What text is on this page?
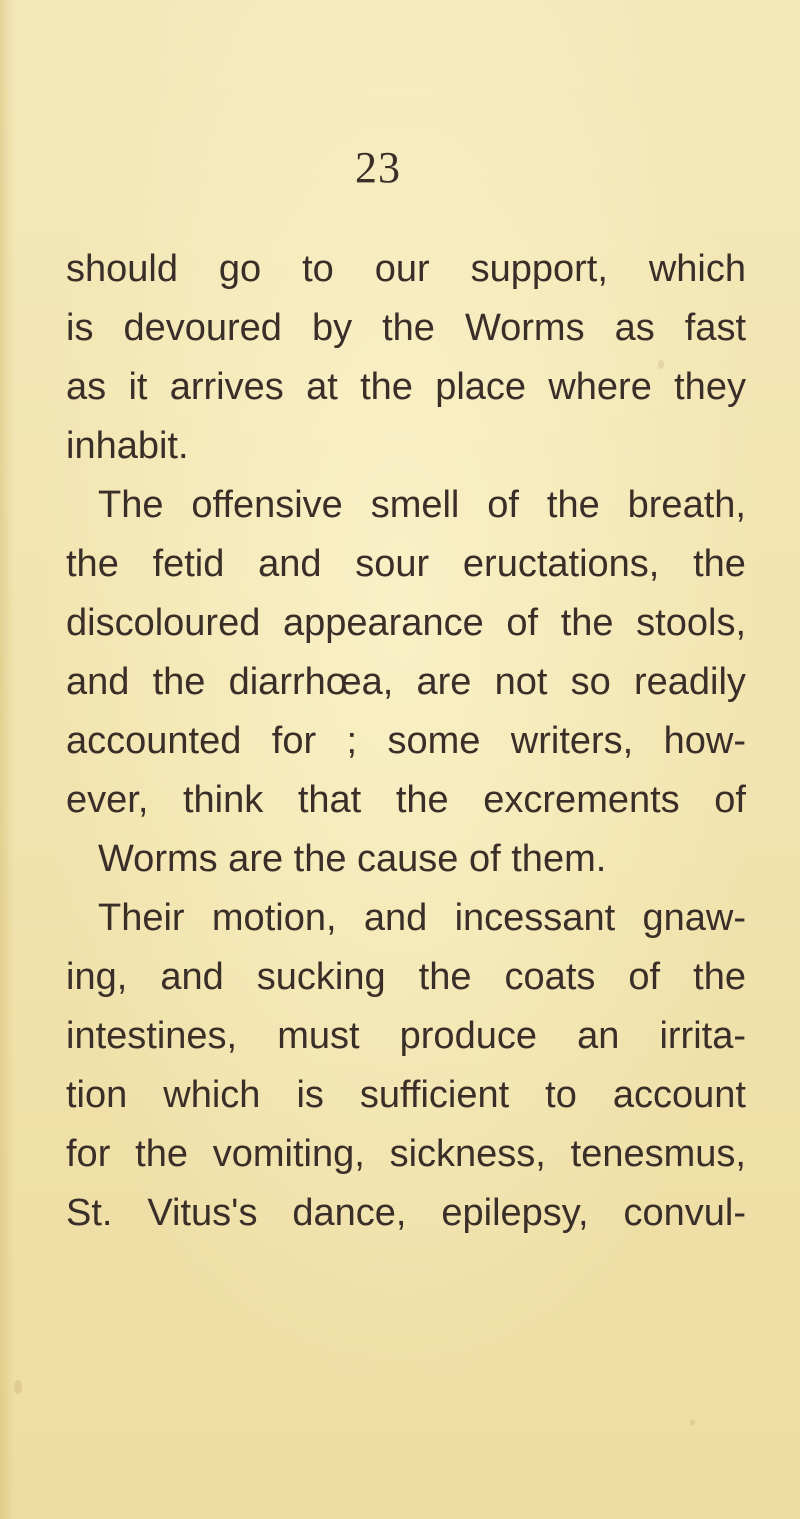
23
should go to our support, which
is devoured by the Worms as fast
as it arrives at the place where they
inhabit.
The offensive smell of the breath,
the fetid and sour eructations, the
discoloured appearance of the stools,
and the diarrhœa, are not so readily
accounted for ; some writers, how-
ever, think that the excrements of
Worms are the cause of them.
Their motion, and incessant gnaw-
ing, and sucking the coats of the
intestines, must produce an irrita-
tion which is sufficient to account
for the vomiting, sickness, tenesmus,
St. Vitus's dance, epilepsy, convul-
